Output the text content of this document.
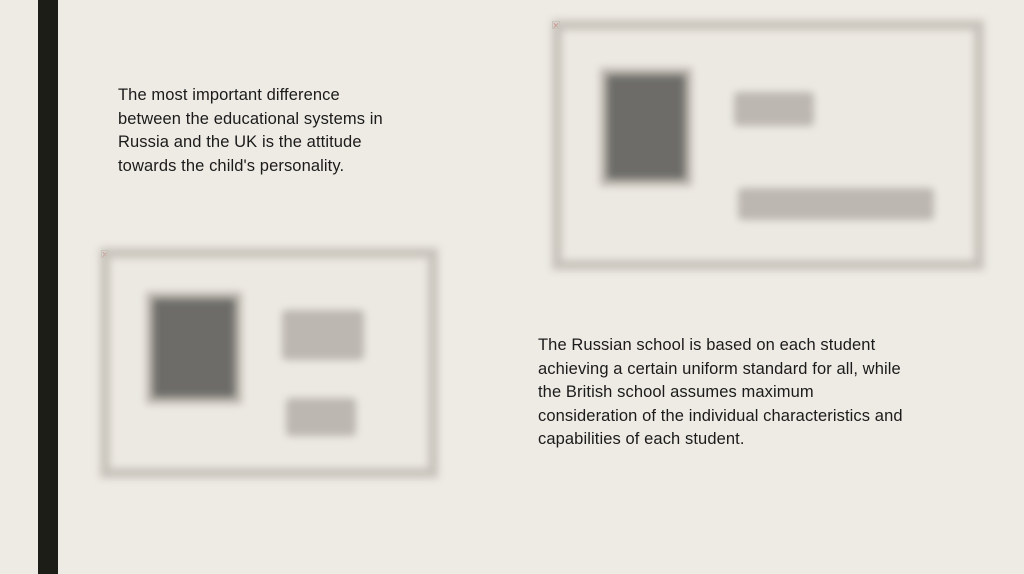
The most important difference
between the educational systems in
Russia and the UK is the attitude
towards the child's personality.
The Russian school is based on each student
achieving a certain uniform standard for all, while
the British school assumes maximum
consideration of the individual characteristics and
capabilities of each student.
